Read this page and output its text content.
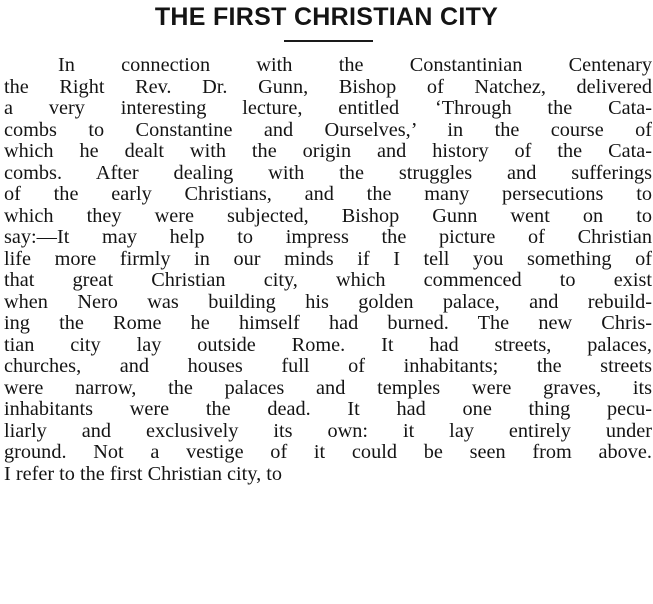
THE FIRST CHRISTIAN CITY
In connection with the Constantinian Centenary
the Right Rev. Dr. Gunn, Bishop of Natchez, delivered
a very interesting lecture, entitled ‘Through the Cata-
combs to Constantine and Ourselves,’ in the course of
which he dealt with the origin and history of the Cata-
combs. After dealing with the struggles and sufferings
of the early Christians, and the many persecutions to
which they were subjected, Bishop Gunn went on to
say:—It may help to impress the picture of Christian
life more firmly in our minds if I tell you something of
that great Christian city, which commenced to exist
when Nero was building his golden palace, and rebuild-
ing the Rome he himself had burned. The new Chris-
tian city lay outside Rome. It had streets, palaces,
churches, and houses full of inhabitants; the streets
were narrow, the palaces and temples were graves, its
inhabitants were the dead. It had one thing pecu-
liarly and exclusively its own: it lay entirely under
ground. Not a vestige of it could be seen from above.
I refer to the first Christian city, to
